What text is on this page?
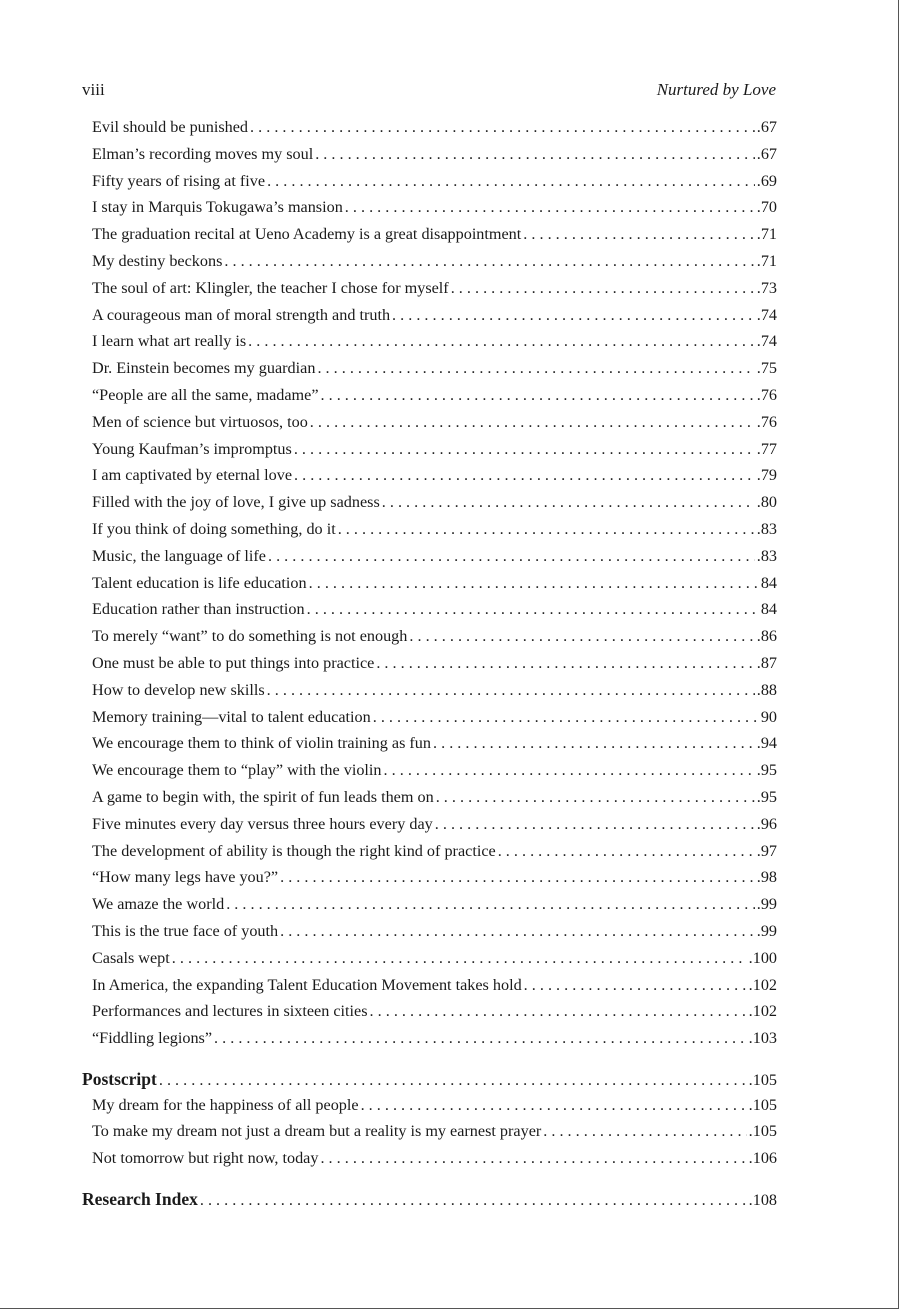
viii	Nurtured by Love
Evil should be punished . . .	.67
Elman’s recording moves my soul . . .	.67
Fifty years of rising at five . . .	.69
I stay in Marquis Tokugawa’s mansion . . .	.70
The graduation recital at Ueno Academy is a great disappointment . . .	.71
My destiny beckons . . .	.71
The soul of art: Klingler, the teacher I chose for myself . . .	.73
A courageous man of moral strength and truth . . .	.74
I learn what art really is . . .	.74
Dr. Einstein becomes my guardian . . .	.75
“People are all the same, madame” . . .	.76
Men of science but virtuosos, too . . .	.76
Young Kaufman’s impromptus . . .	.77
I am captivated by eternal love . . .	.79
Filled with the joy of love, I give up sadness . . .	.80
If you think of doing something, do it . . .	.83
Music, the language of life . . .	.83
Talent education is life education . . .	84
Education rather than instruction . . .	84
To merely “want” to do something is not enough . . .	.86
One must be able to put things into practice . . .	.87
How to develop new skills . . .	.88
Memory training—vital to talent education . . .	90
We encourage them to think of violin training as fun . . .	.94
We encourage them to “play” with the violin . . .	.95
A game to begin with, the spirit of fun leads them on . . .	.95
Five minutes every day versus three hours every day . . .	.96
The development of ability is though the right kind of practice . . .	.97
“How many legs have you?” . . .	.98
We amaze the world . . .	.99
This is the true face of youth . . .	.99
Casals wept . . .	.100
In America, the expanding Talent Education Movement takes hold . . .	.102
Performances and lectures in sixteen cities . . .	.102
“Fiddling legions” . . .	.103
Postscript . . .	.105
My dream for the happiness of all people . . .	.105
To make my dream not just a dream but a reality is my earnest prayer . . .	.105
Not tomorrow but right now, today . . .	.106
Research Index . . .	.108
